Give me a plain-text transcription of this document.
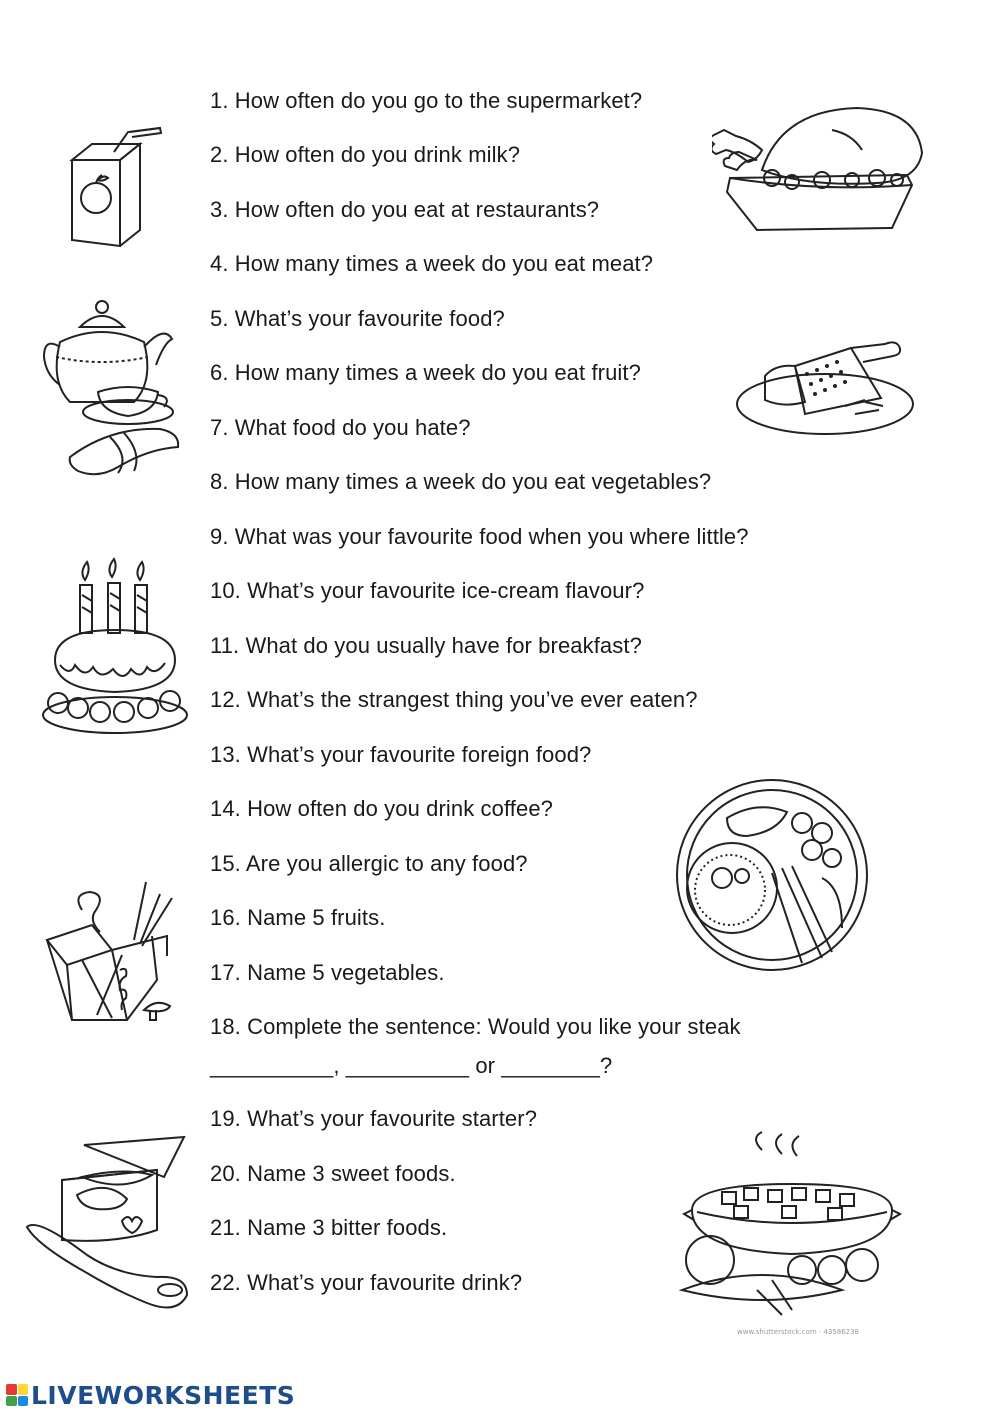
1. How often do you go to the supermarket?
2. How often do you drink milk?
3. How often do you eat at restaurants?
4. How many times a week do you eat meat?
5. What’s your favourite food?
6. How many times a week do you eat fruit?
7. What food do you hate?
8. How many times a week do you eat vegetables?
9. What was your favourite food when you where little?
10. What’s your favourite ice-cream flavour?
11. What do you usually have for breakfast?
12. What’s the strangest thing you’ve ever eaten?
13. What’s your favourite foreign food?
14. How often do you drink coffee?
15. Are you allergic to any food?
16. Name 5 fruits.
17. Name 5 vegetables.
18. Complete the sentence: Would you like your steak
__________, __________ or ________?
19. What’s your favourite starter?
20. Name 3 sweet foods.
21. Name 3 bitter foods.
22. What’s your favourite drink?
www.shutterstock.com · 43586238
LIVEWORKSHEETS
